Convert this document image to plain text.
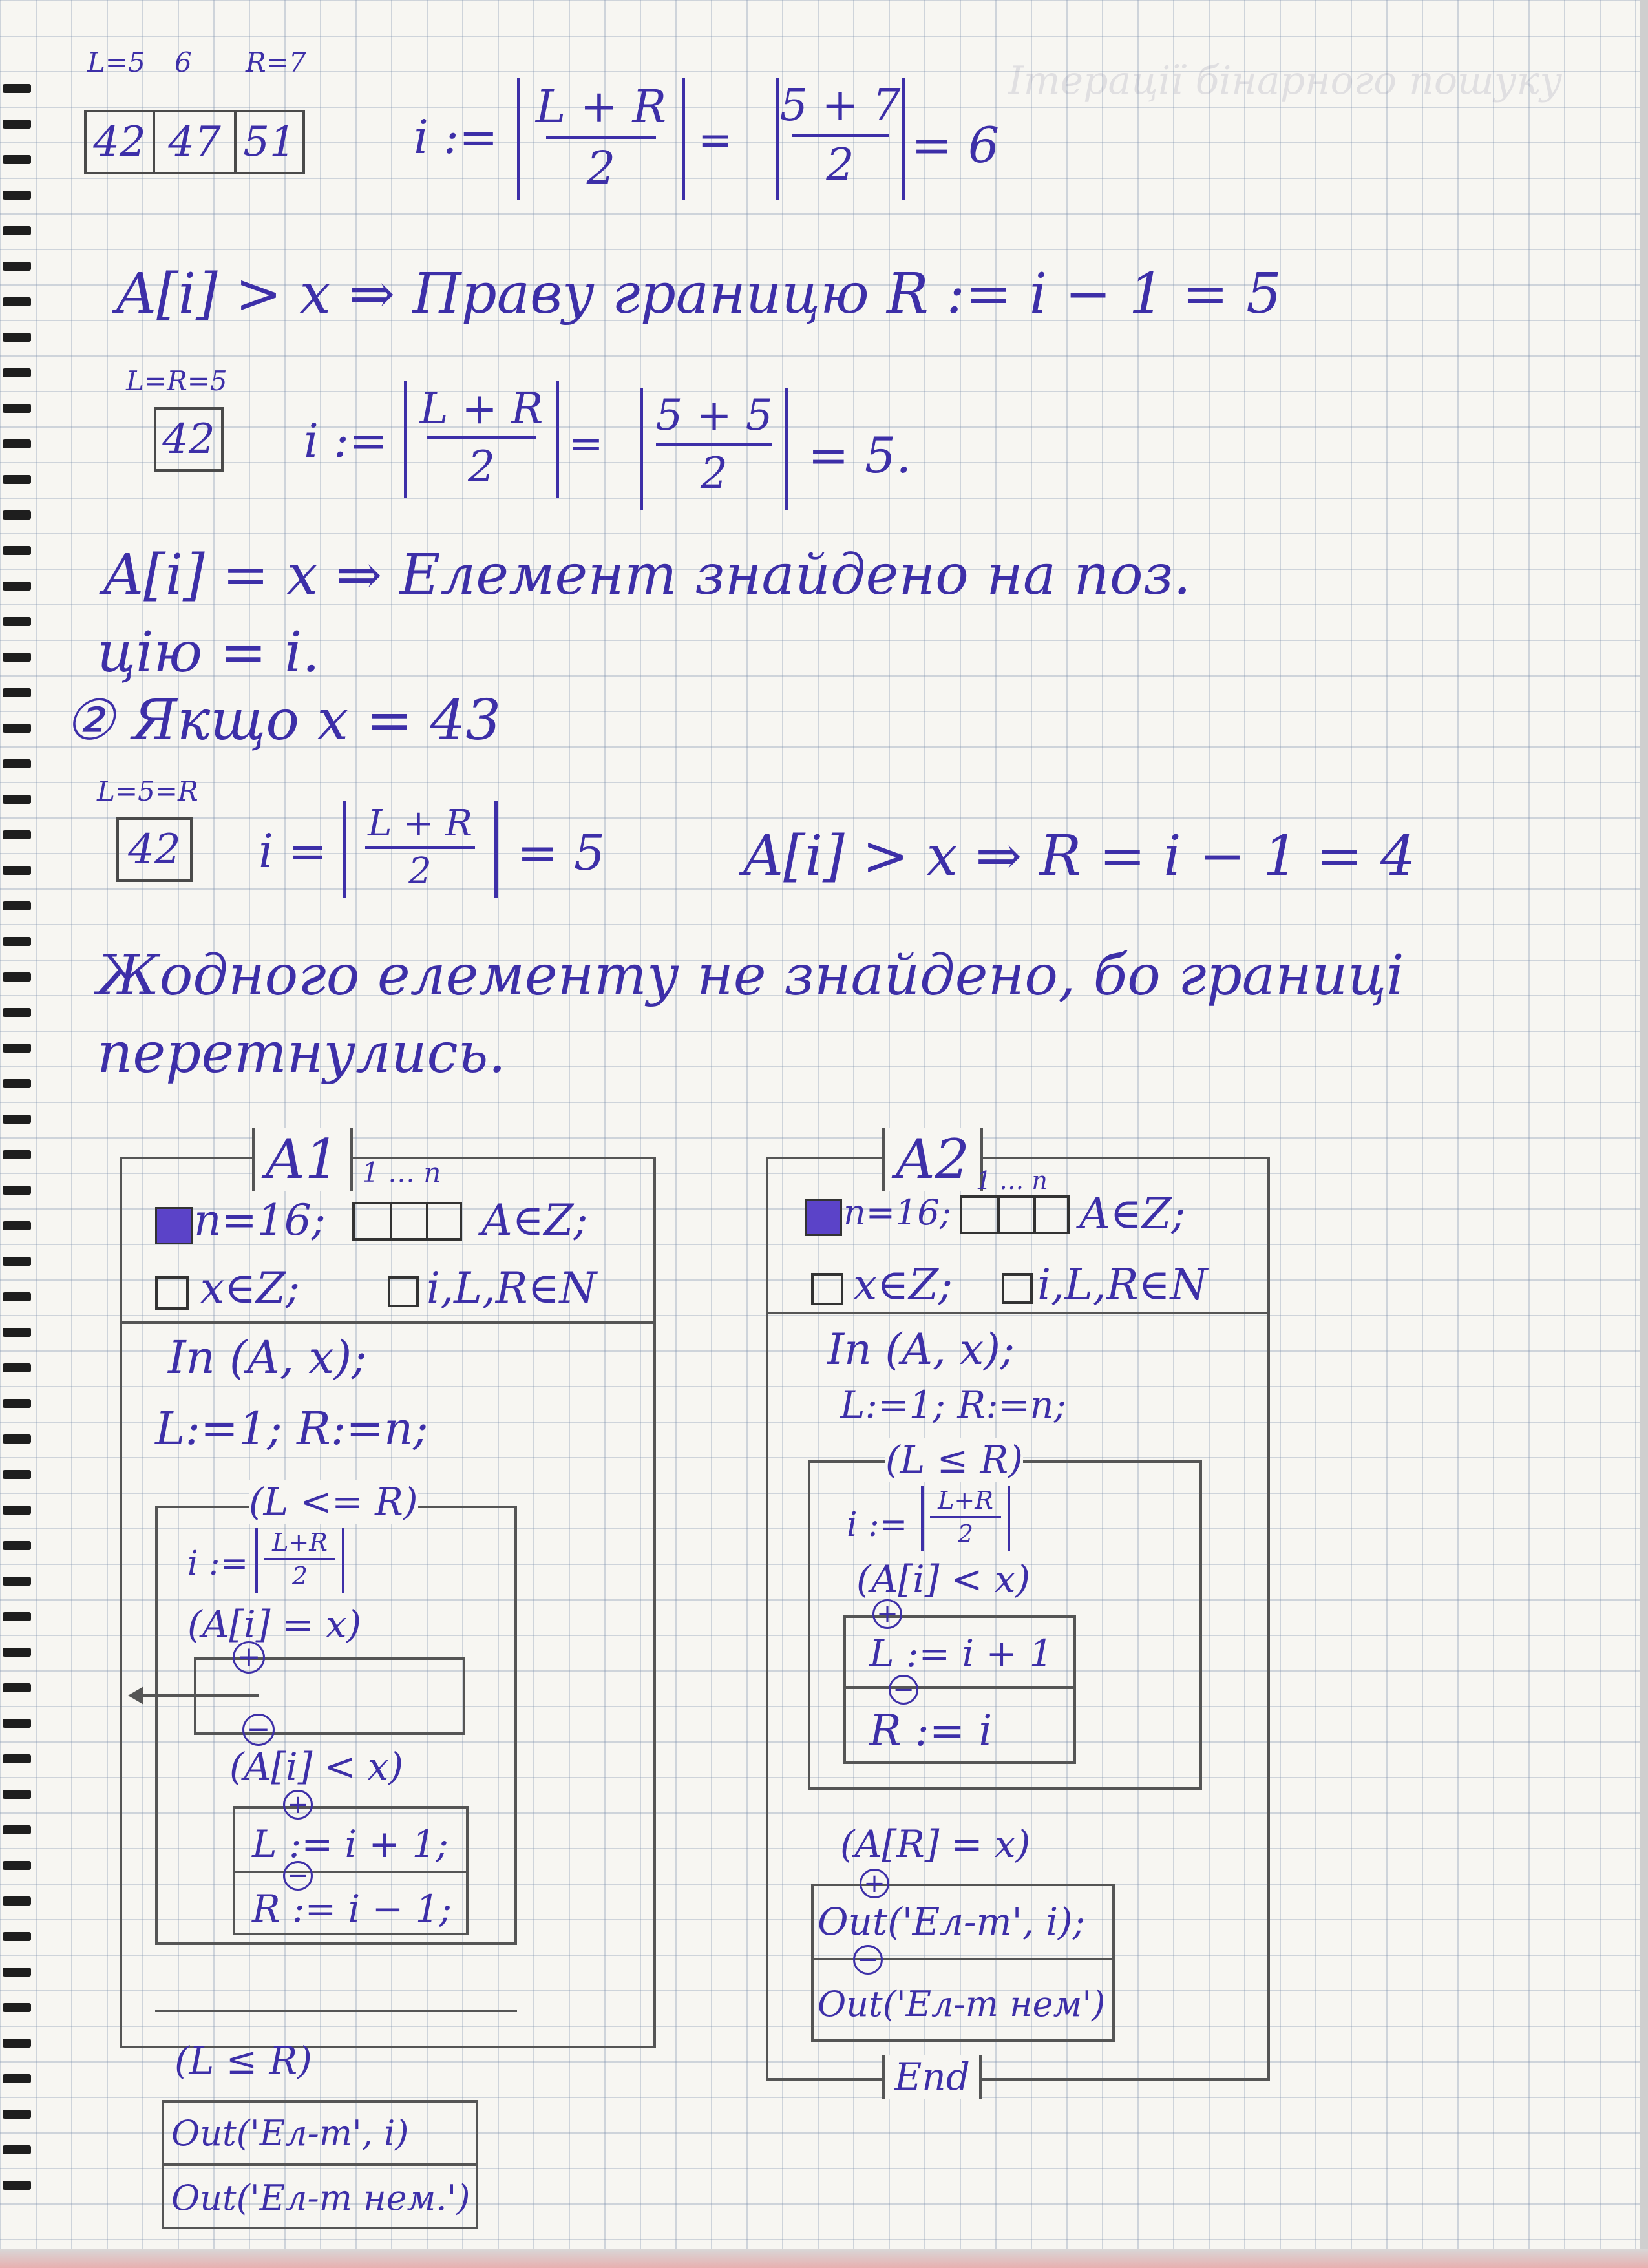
Ітерації бінарного пошуку
L=5 6 R=7
42 47 51	i :=
L + R
2
=
5 + 7
2	= 6
A[i] > x ⇒ Праву границю R := i − 1 = 5
L=R=5
42 i :=
L + R
2	=
5 + 5
2	= 5.
A[i] = x ⇒ Елемент знайдено на поз.
цію = i.
② Якщо x = 43
L=5=R
42 i =
L + R
2	= 5 A[i] > x ⇒ R = i − 1 = 4
Жодного елементу не знайдено, бо границі
перетнулись.
A1 1 … n
n=16;	A∈Z;
x∈Z;	i,L,R∈N
In (A, x);
L:=1; R:=n;
(L <= R)
i :=
L+R
2
(A[i] = x)
+
−
(A[i] < x)
+
L := i + 1;
−
R := i − 1;
(L ≤ R)
Out('Ел-т', i)
Out('Ел-т нем.')
A2 1 … n
n=16;	A∈Z;
x∈Z; i,L,R∈N
In (A, x);
L:=1; R:=n;
(L ≤ R)
i :=
L+R
2
(A[i] < x)
+
L := i + 1
−
R := i
(A[R] = x)
+
Out('Ел-т', i);
−
Out('Ел-т нем')
End
